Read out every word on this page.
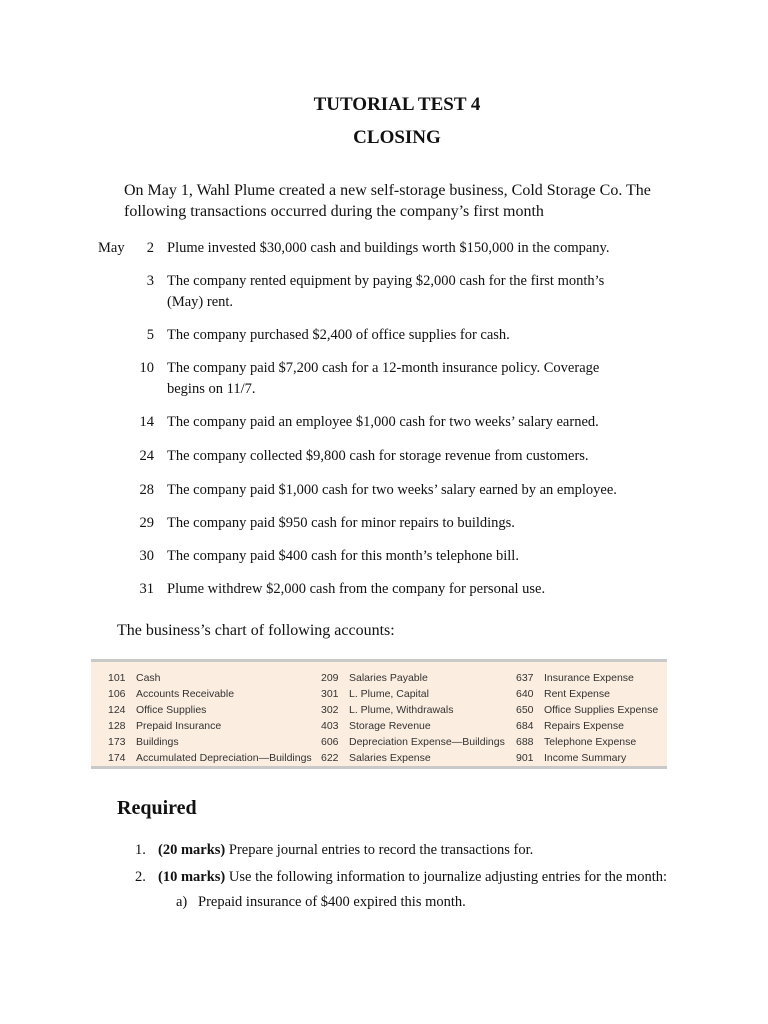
TUTORIAL TEST 4
CLOSING
On May 1, Wahl Plume created a new self-storage business, Cold Storage Co. The following transactions occurred during the company’s first month
May	2 Plume invested $30,000 cash and buildings worth $150,000 in the company.
3 The company rented equipment by paying $2,000 cash for the first month’s (May) rent.
5 The company purchased $2,400 of office supplies for cash.
10 The company paid $7,200 cash for a 12-month insurance policy. Coverage begins on 11/7.
14 The company paid an employee $1,000 cash for two weeks’ salary earned.
24 The company collected $9,800 cash for storage revenue from customers.
28 The company paid $1,000 cash for two weeks’ salary earned by an employee.
29 The company paid $950 cash for minor repairs to buildings.
30 The company paid $400 cash for this month’s telephone bill.
31 Plume withdrew $2,000 cash from the company for personal use.
The business’s chart of following accounts:
101 Cash
106 Accounts Receivable
124 Office Supplies
128 Prepaid Insurance
173 Buildings
174 Accumulated Depreciation—Buildings
209 Salaries Payable
301 L. Plume, Capital
302 L. Plume, Withdrawals
403 Storage Revenue
606 Depreciation Expense—Buildings
622 Salaries Expense
637 Insurance Expense
640 Rent Expense
650 Office Supplies Expense
684 Repairs Expense
688 Telephone Expense
901 Income Summary
Required
1. (20 marks) Prepare journal entries to record the transactions for.
2. (10 marks) Use the following information to journalize adjusting entries for the month:
a) Prepaid insurance of $400 expired this month.
